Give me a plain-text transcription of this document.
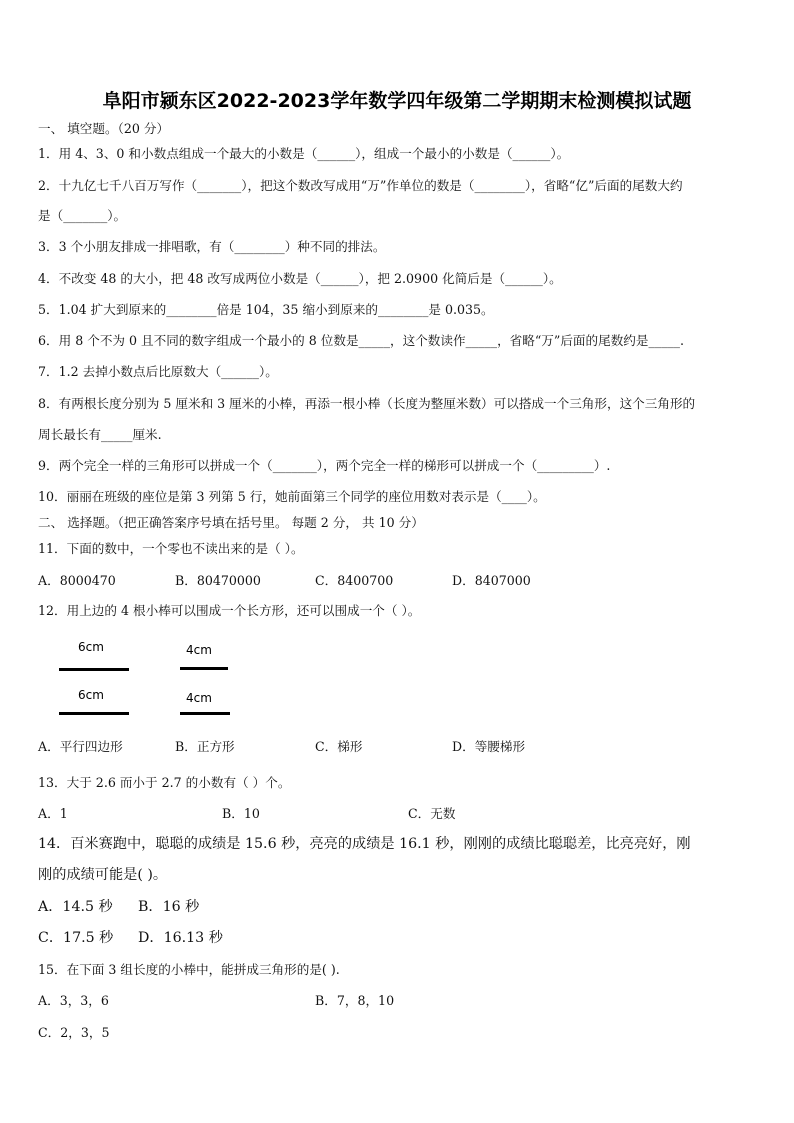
阜阳市颍东区2022-2023学年数学四年级第二学期期末检测模拟试题
一、 填空题。（20 分）
1．用 4、3、0 和小数点组成一个最大的小数是（______），组成一个最小的小数是（______）。
2．十九亿七千八百万写作（_______），把这个数改写成用“万”作单位的数是（________），省略“亿”后面的尾数大约
是（_______）。
3．3 个小朋友排成一排唱歌，有（________）种不同的排法。
4．不改变 48 的大小，把 48 改写成两位小数是（______），把 2.0900 化简后是（______）。
5．1.04 扩大到原来的________倍是 104，35 缩小到原来的________是 0.035。
6．用 8 个不为 0 且不同的数字组成一个最小的 8 位数是_____，这个数读作_____，省略“万”后面的尾数约是_____.
7．1.2 去掉小数点后比原数大（______）。
8．有两根长度分别为 5 厘米和 3 厘米的小棒，再添一根小棒（长度为整厘米数）可以搭成一个三角形，这个三角形的
周长最长有_____厘米.
9．两个完全一样的三角形可以拼成一个（_______），两个完全一样的梯形可以拼成一个（_________）.
10．丽丽在班级的座位是第 3 列第 5 行，她前面第三个同学的座位用数对表示是（____）。
二、 选择题。（把正确答案序号填在括号里。 每题 2 分， 共 10 分）
11．下面的数中，一个零也不读出来的是（ ）。
A．8000470	B．80470000	C．8400700	D．8407000
12．用上边的 4 根小棒可以围成一个长方形，还可以围成一个（ ）。
6cm
6cm
4cm
4cm
A．平行四边形	B．正方形	C．梯形	D．等腰梯形
13．大于 2.6 而小于 2.7 的小数有（ ）个。
A．1	B．10	C．无数
14．百米赛跑中，聪聪的成绩是 15.6 秒，亮亮的成绩是 16.1 秒，刚刚的成绩比聪聪差，比亮亮好，刚
刚的成绩可能是( )。
A．14.5 秒 B．16 秒
C．17.5 秒 D．16.13 秒
15．在下面 3 组长度的小棒中，能拼成三角形的是( ).
A．3，3，6	B．7，8，10
C．2，3，5
